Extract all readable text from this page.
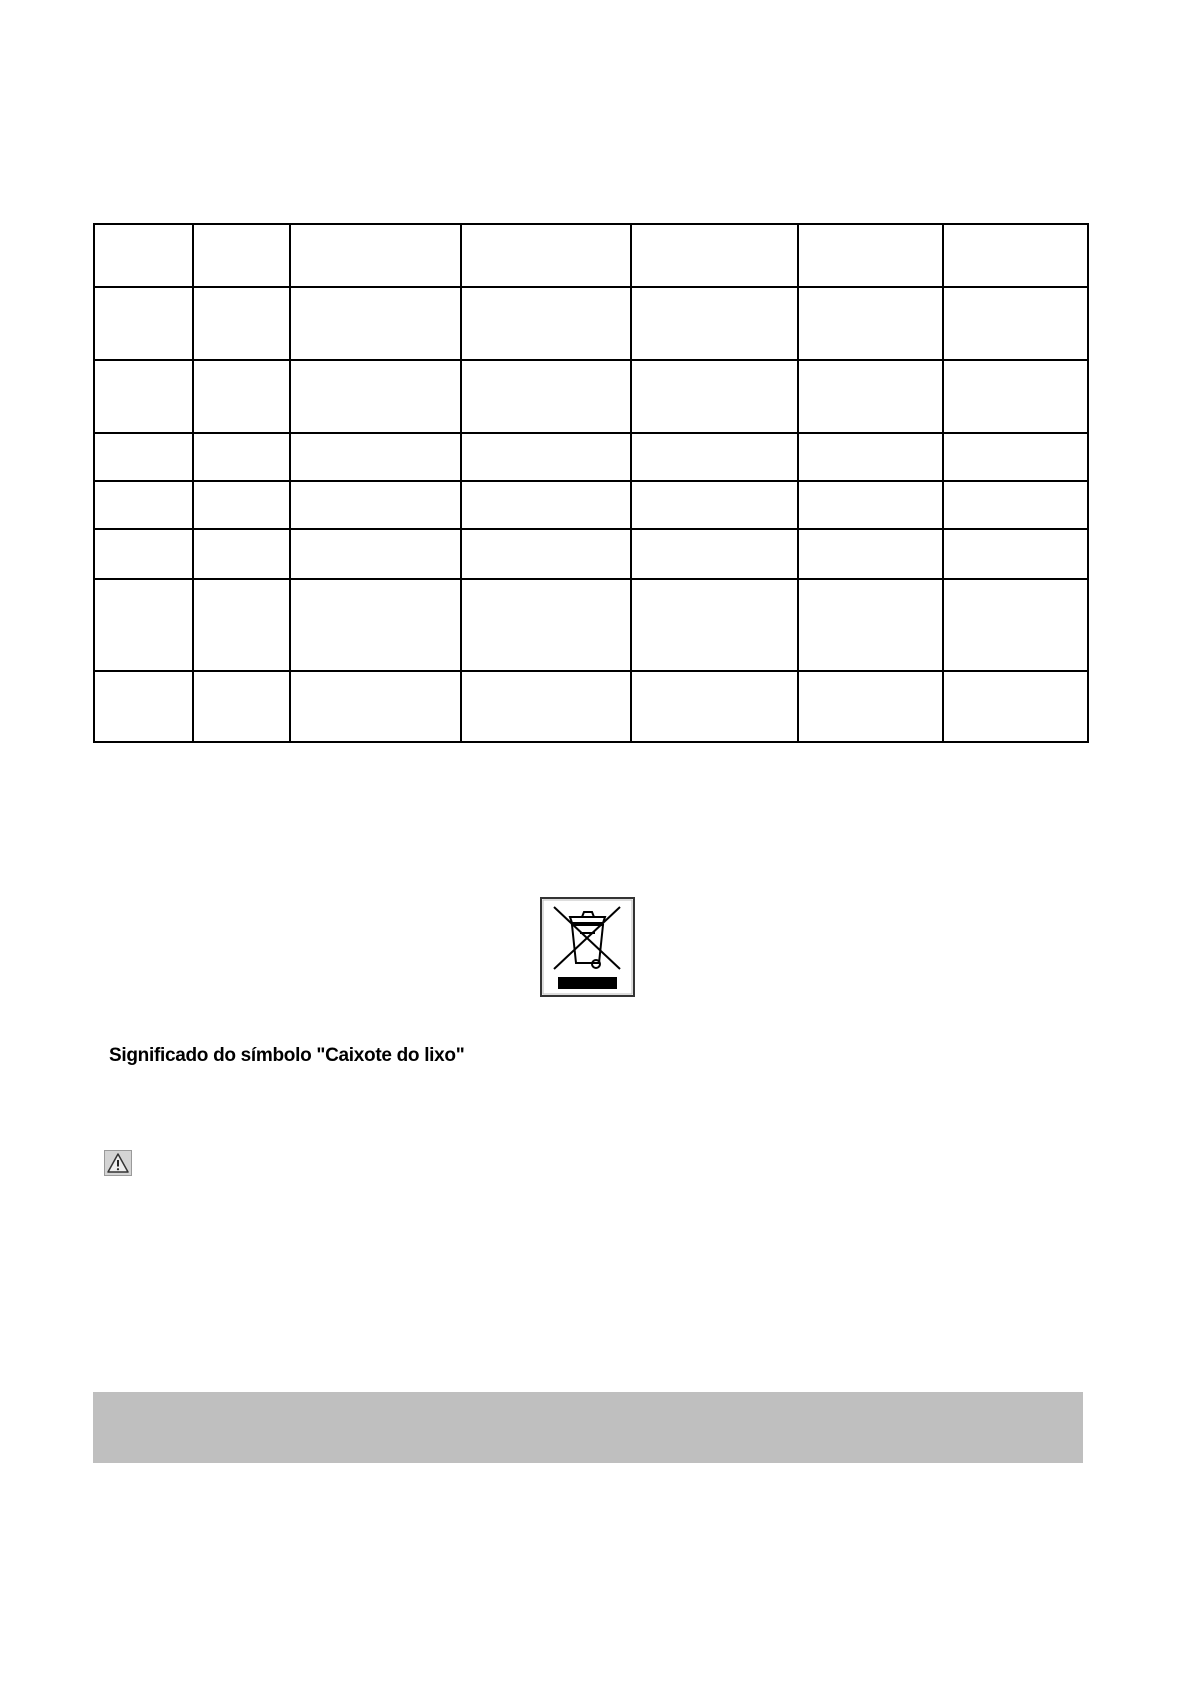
Significado do símbolo "Caixote do lixo"
